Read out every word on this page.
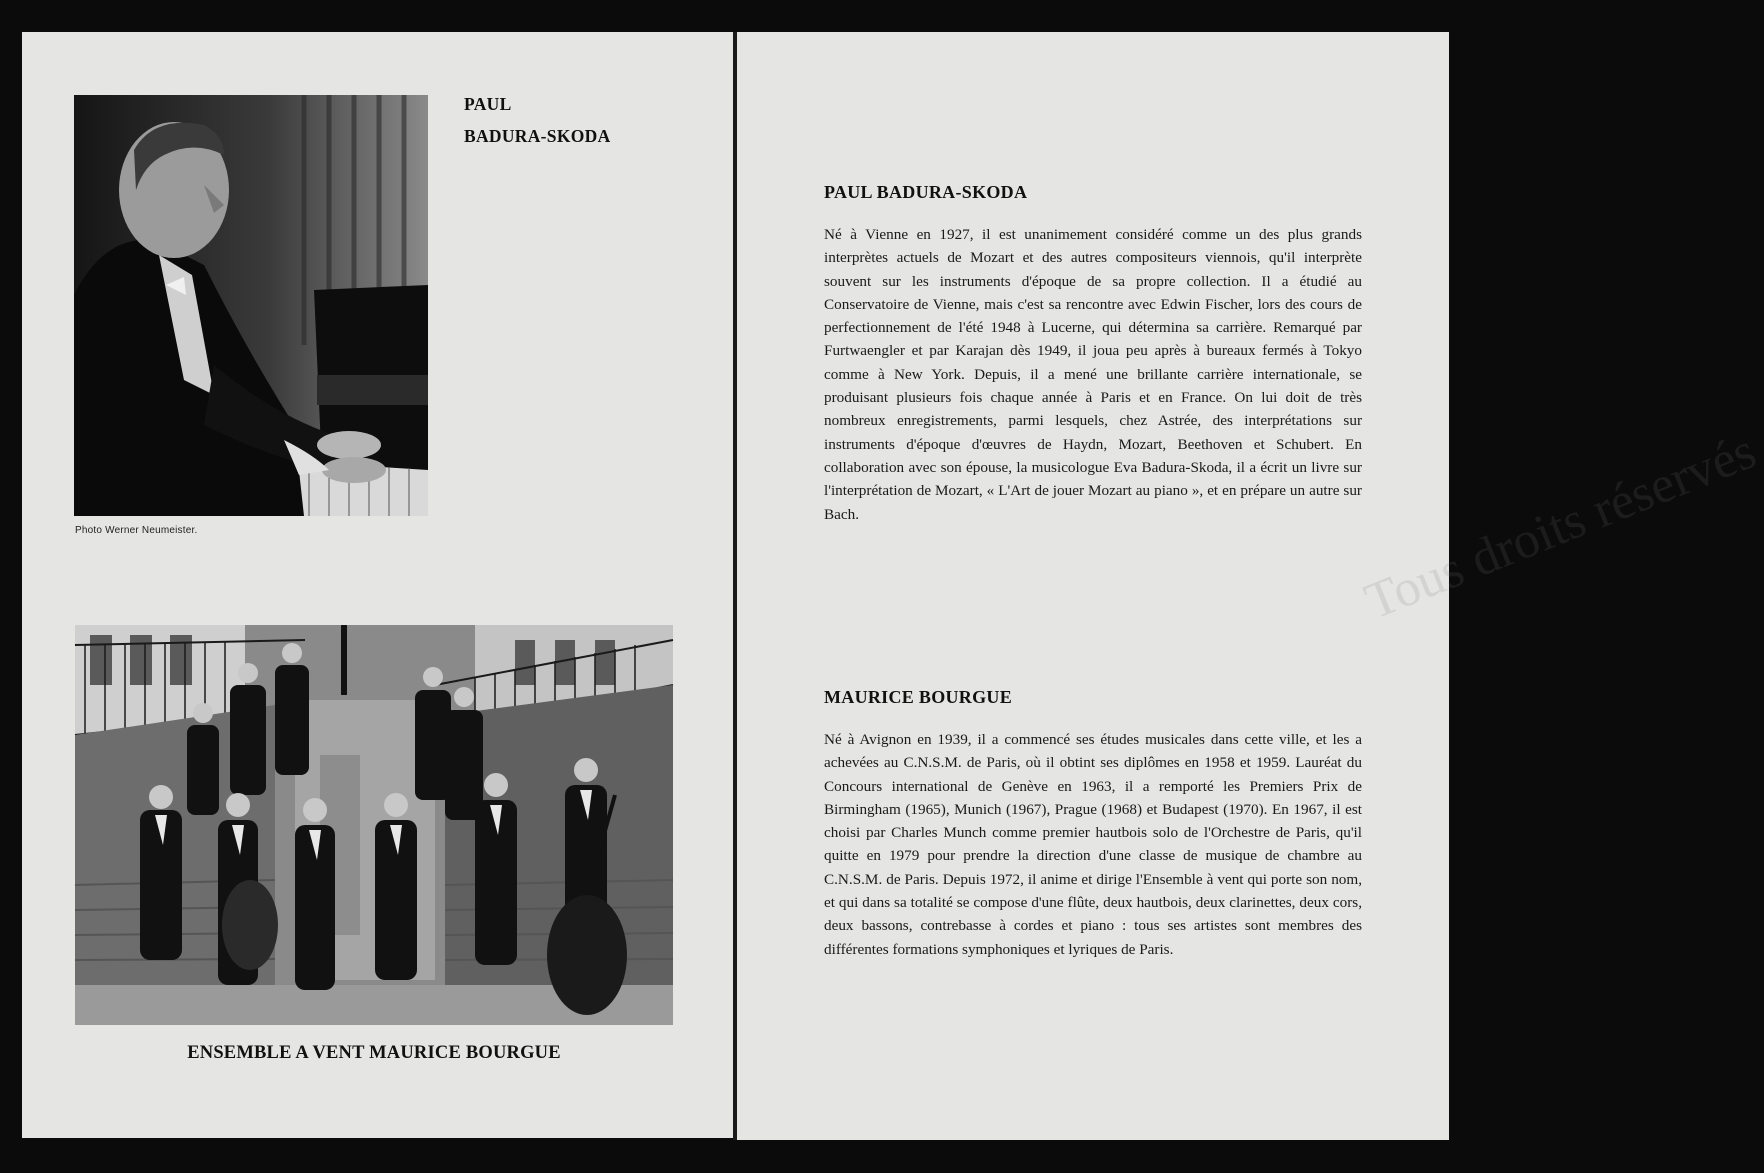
PAUL
BADURA-SKODA
Photo Werner Neumeister.
ENSEMBLE A VENT MAURICE BOURGUE
Tous droits réservés
PAUL BADURA-SKODA
Né à Vienne en 1927, il est unanimement considéré comme un des plus grands interprètes actuels de Mozart et des autres compositeurs viennois, qu'il interprète souvent sur les instruments d'époque de sa propre collection. Il a étudié au Conservatoire de Vienne, mais c'est sa rencontre avec Edwin Fischer, lors des cours de perfectionnement de l'été 1948 à Lucerne, qui détermina sa carrière. Remarqué par Furtwaengler et par Karajan dès 1949, il joua peu après à bureaux fermés à Tokyo comme à New York. Depuis, il a mené une brillante carrière internationale, se produisant plusieurs fois chaque année à Paris et en France. On lui doit de très nombreux enregistrements, parmi lesquels, chez Astrée, des interprétations sur instruments d'époque d'œuvres de Haydn, Mozart, Beethoven et Schubert. En collaboration avec son épouse, la musicologue Eva Badura-Skoda, il a écrit un livre sur l'interprétation de Mozart, « L'Art de jouer Mozart au piano », et en prépare un autre sur Bach.
MAURICE BOURGUE
Né à Avignon en 1939, il a commencé ses études musicales dans cette ville, et les a achevées au C.N.S.M. de Paris, où il obtint ses diplômes en 1958 et 1959. Lauréat du Concours international de Genève en 1963, il a remporté les Premiers Prix de Birmingham (1965), Munich (1967), Prague (1968) et Budapest (1970). En 1967, il est choisi par Charles Munch comme premier hautbois solo de l'Orchestre de Paris, qu'il quitte en 1979 pour prendre la direction d'une classe de musique de chambre au C.N.S.M. de Paris. Depuis 1972, il anime et dirige l'Ensemble à vent qui porte son nom, et qui dans sa totalité se compose d'une flûte, deux hautbois, deux clarinettes, deux cors, deux bassons, contrebasse à cordes et piano : tous ses artistes sont membres des différentes formations symphoniques et lyriques de Paris.
